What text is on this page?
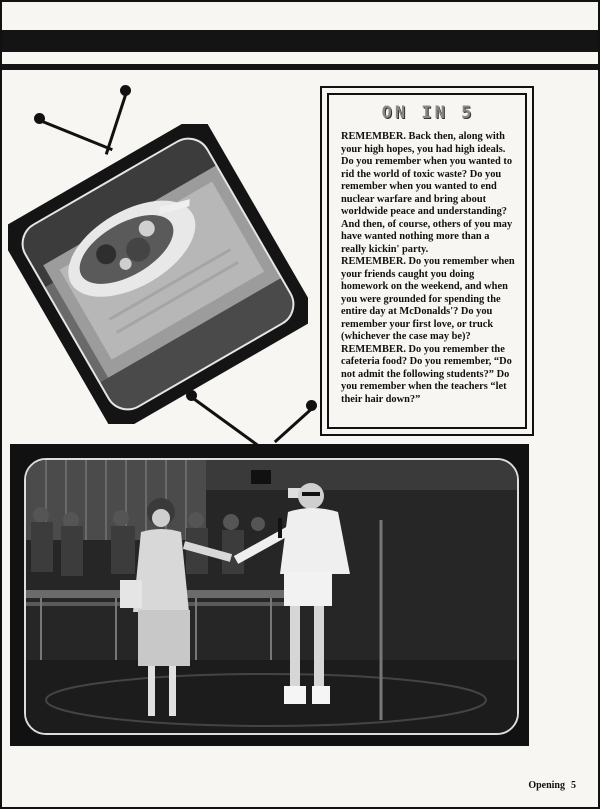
ON IN 5

REMEMBER. Back then, along with your high hopes, you had high ideals. Do you remember when you wanted to rid the world of toxic waste? Do you remember when you wanted to end nuclear warfare and bring about worldwide peace and understanding? And then, of course, others of you may have wanted nothing more than a really kickin' party.

REMEMBER. Do you remember when your friends caught you doing homework on the weekend, and when you were grounded for spending the entire day at McDonalds'? Do you remember your first love, or truck (whichever the case may be)?

REMEMBER. Do you remember the cafeteria food? Do you remember, “Do not admit the following students?” Do you remember when the teachers “let their hair down?”

Opening 5
